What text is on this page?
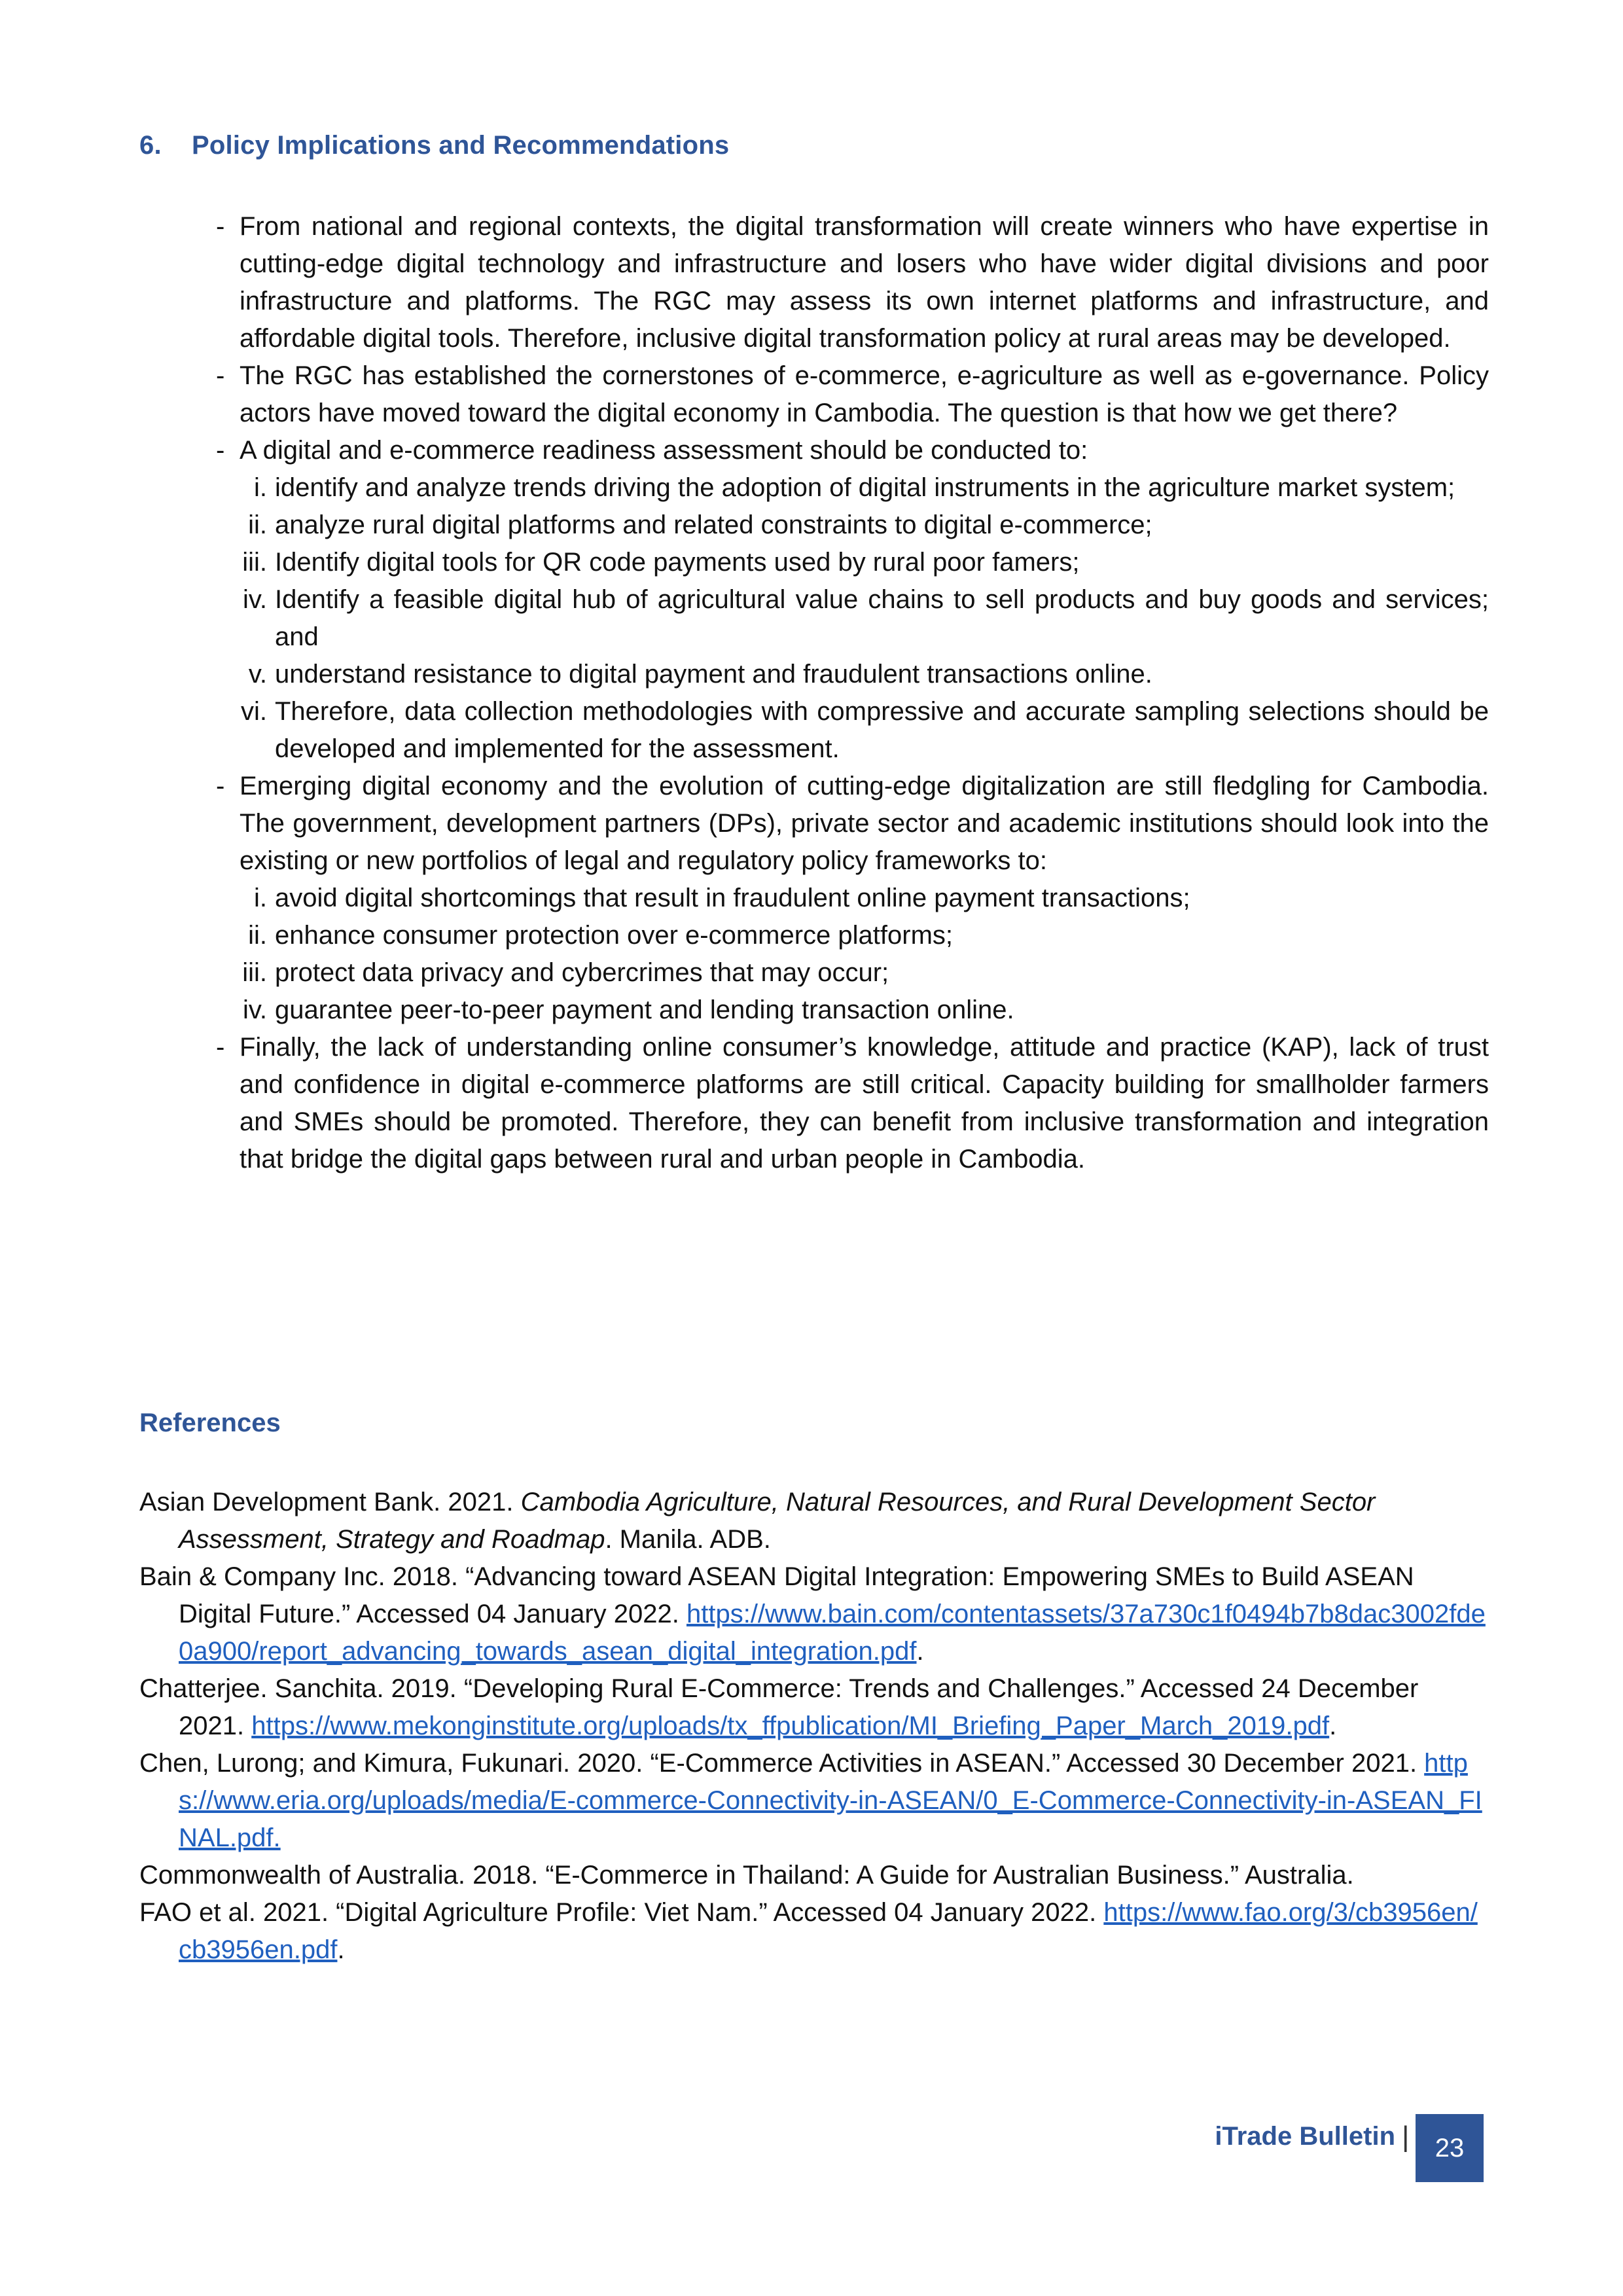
6. Policy Implications and Recommendations
- From national and regional contexts, the digital transformation will create winners who have expertise in cutting-edge digital technology and infrastructure and losers who have wider digital divisions and poor infrastructure and platforms. The RGC may assess its own internet platforms and infrastructure, and affordable digital tools. Therefore, inclusive digital transformation policy at rural areas may be developed.
- The RGC has established the cornerstones of e-commerce, e-agriculture as well as e-governance. Policy actors have moved toward the digital economy in Cambodia. The question is that how we get there?
- A digital and e-commerce readiness assessment should be conducted to:
i. identify and analyze trends driving the adoption of digital instruments in the agriculture market system;
ii. analyze rural digital platforms and related constraints to digital e-commerce;
iii. Identify digital tools for QR code payments used by rural poor famers;
iv. Identify a feasible digital hub of agricultural value chains to sell products and buy goods and services; and
v. understand resistance to digital payment and fraudulent transactions online.
vi. Therefore, data collection methodologies with compressive and accurate sampling selections should be developed and implemented for the assessment.
- Emerging digital economy and the evolution of cutting-edge digitalization are still fledgling for Cambodia. The government, development partners (DPs), private sector and academic institutions should look into the existing or new portfolios of legal and regulatory policy frameworks to:
i. avoid digital shortcomings that result in fraudulent online payment transactions;
ii. enhance consumer protection over e-commerce platforms;
iii. protect data privacy and cybercrimes that may occur;
iv. guarantee peer-to-peer payment and lending transaction online.
- Finally, the lack of understanding online consumer’s knowledge, attitude and practice (KAP), lack of trust and confidence in digital e-commerce platforms are still critical. Capacity building for smallholder farmers and SMEs should be promoted. Therefore, they can benefit from inclusive transformation and integration that bridge the digital gaps between rural and urban people in Cambodia.
References
Asian Development Bank. 2021. Cambodia Agriculture, Natural Resources, and Rural Development Sector Assessment, Strategy and Roadmap. Manila. ADB.
Bain & Company Inc. 2018. “Advancing toward ASEAN Digital Integration: Empowering SMEs to Build ASEAN Digital Future.” Accessed 04 January 2022. https://www.bain.com/contentassets/37a730c1f0494b7b8dac3002fde0a900/report_advancing_towards_asean_digital_integration.pdf.
Chatterjee. Sanchita. 2019. “Developing Rural E-Commerce: Trends and Challenges.” Accessed 24 December 2021. https://www.mekonginstitute.org/uploads/tx_ffpublication/MI_Briefing_Paper_March_2019.pdf.
Chen, Lurong; and Kimura, Fukunari. 2020. “E-Commerce Activities in ASEAN.” Accessed 30 December 2021. https://www.eria.org/uploads/media/E-commerce-Connectivity-in-ASEAN/0_E-Commerce-Connectivity-in-ASEAN_FINAL.pdf.
Commonwealth of Australia. 2018. “E-Commerce in Thailand: A Guide for Australian Business.” Australia.
FAO et al. 2021. “Digital Agriculture Profile: Viet Nam.” Accessed 04 January 2022. https://www.fao.org/3/cb3956en/cb3956en.pdf.
iTrade Bulletin | 23
